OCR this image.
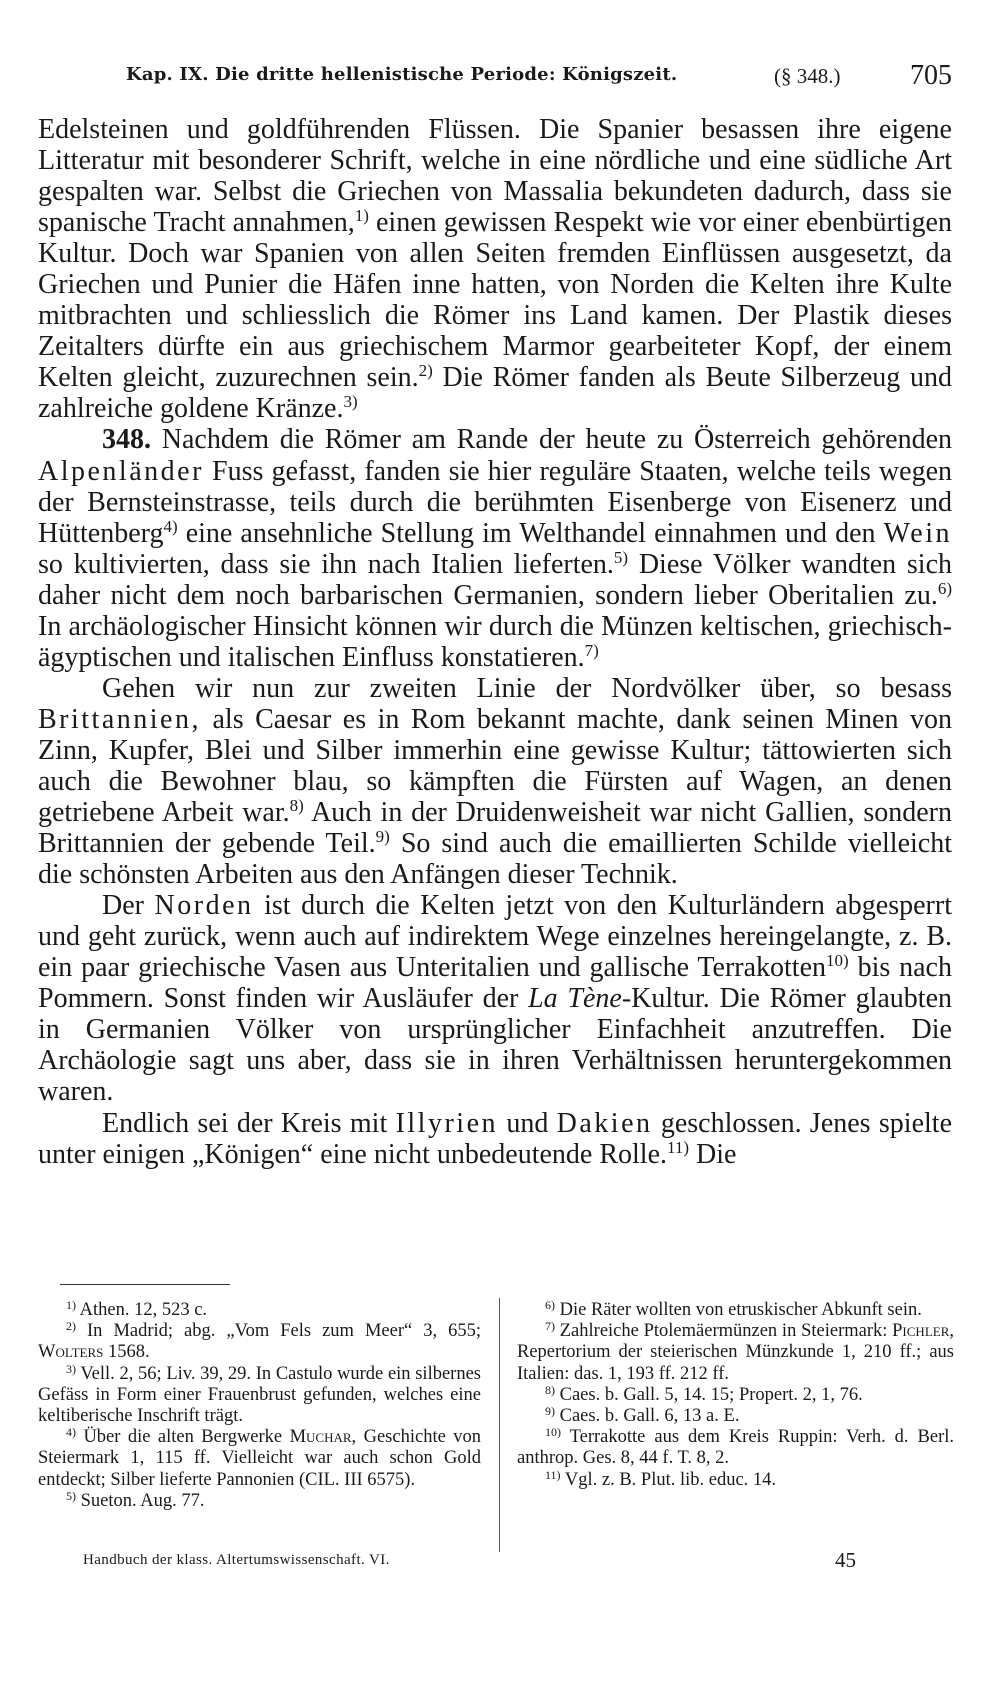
Kap. IX. Die dritte hellenistische Periode: Königszeit.	(§ 348.) 705

Edelsteinen und goldführenden Flüssen. Die Spanier besassen ihre eigene Litteratur mit besonderer Schrift, welche in eine nördliche und eine südliche Art gespalten war. Selbst die Griechen von Massalia bekundeten dadurch, dass sie spanische Tracht annahmen,$^{1)}$ einen gewissen Respekt wie vor einer ebenbürtigen Kultur. Doch war Spanien von allen Seiten fremden Einflüssen ausgesetzt, da Griechen und Punier die Häfen inne hatten, von Norden die Kelten ihre Kulte mitbrachten und schliesslich die Römer ins Land kamen. Der Plastik dieses Zeitalters dürfte ein aus griechischem Marmor gearbeiteter Kopf, der einem Kelten gleicht, zuzurechnen sein.$^{2)}$ Die Römer fanden als Beute Silberzeug und zahlreiche goldene Kränze.$^{3)}$

348. Nachdem die Römer am Rande der heute zu Österreich gehörenden Alpenländer Fuss gefasst, fanden sie hier reguläre Staaten, welche teils wegen der Bernsteinstrasse, teils durch die berühmten Eisenberge von Eisenerz und Hüttenberg$^{4)}$ eine ansehnliche Stellung im Welthandel einnahmen und den Wein so kultivierten, dass sie ihn nach Italien lieferten.$^{5)}$ Diese Völker wandten sich daher nicht dem noch barbarischen Germanien, sondern lieber Oberitalien zu.$^{6)}$ In archäologischer Hinsicht können wir durch die Münzen keltischen, griechisch-ägyptischen und italischen Einfluss konstatieren.$^{7)}$

Gehen wir nun zur zweiten Linie der Nordvölker über, so besass Brittannien, als Caesar es in Rom bekannt machte, dank seinen Minen von Zinn, Kupfer, Blei und Silber immerhin eine gewisse Kultur; tättowierten sich auch die Bewohner blau, so kämpften die Fürsten auf Wagen, an denen getriebene Arbeit war.$^{8)}$ Auch in der Druidenweisheit war nicht Gallien, sondern Brittannien der gebende Teil.$^{9)}$ So sind auch die emaillierten Schilde vielleicht die schönsten Arbeiten aus den Anfängen dieser Technik.

Der Norden ist durch die Kelten jetzt von den Kulturländern abgesperrt und geht zurück, wenn auch auf indirektem Wege einzelnes hereingelangte, z. B. ein paar griechische Vasen aus Unteritalien und gallische Terrakotten$^{10)}$ bis nach Pommern. Sonst finden wir Ausläufer der La Tène-Kultur. Die Römer glaubten in Germanien Völker von ursprünglicher Einfachheit anzutreffen. Die Archäologie sagt uns aber, dass sie in ihren Verhältnissen heruntergekommen waren.

Endlich sei der Kreis mit Illyrien und Dakien geschlossen. Jenes spielte unter einigen „Königen“ eine nicht unbedeutende Rolle.$^{11)}$ Die

$^{1)}$ Athen. 12, 523 c.

$^{2)}$ In Madrid; abg. „Vom Fels zum Meer“ 3, 655; Wolters 1568.

$^{3)}$ Vell. 2, 56; Liv. 39, 29. In Castulo wurde ein silbernes Gefäss in Form einer Frauenbrust gefunden, welches eine keltiberische Inschrift trägt.

$^{4)}$ Über die alten Bergwerke Muchar, Geschichte von Steiermark 1, 115 ff. Vielleicht war auch schon Gold entdeckt; Silber lieferte Pannonien (CIL. III 6575).

$^{5)}$ Sueton. Aug. 77.

$^{6)}$ Die Räter wollten von etruskischer Abkunft sein.

$^{7)}$ Zahlreiche Ptolemäermünzen in Steiermark: Pichler, Repertorium der steierischen Münzkunde 1, 210 ff.; aus Italien: das. 1, 193 ff. 212 ff.

$^{8)}$ Caes. b. Gall. 5, 14. 15; Propert. 2, 1, 76.

$^{9)}$ Caes. b. Gall. 6, 13 a. E.

$^{10)}$ Terrakotte aus dem Kreis Ruppin: Verh. d. Berl. anthrop. Ges. 8, 44 f. T. 8, 2.

$^{11)}$ Vgl. z. B. Plut. lib. educ. 14.

Handbuch der klass. Altertumswissenschaft. VI.	45
